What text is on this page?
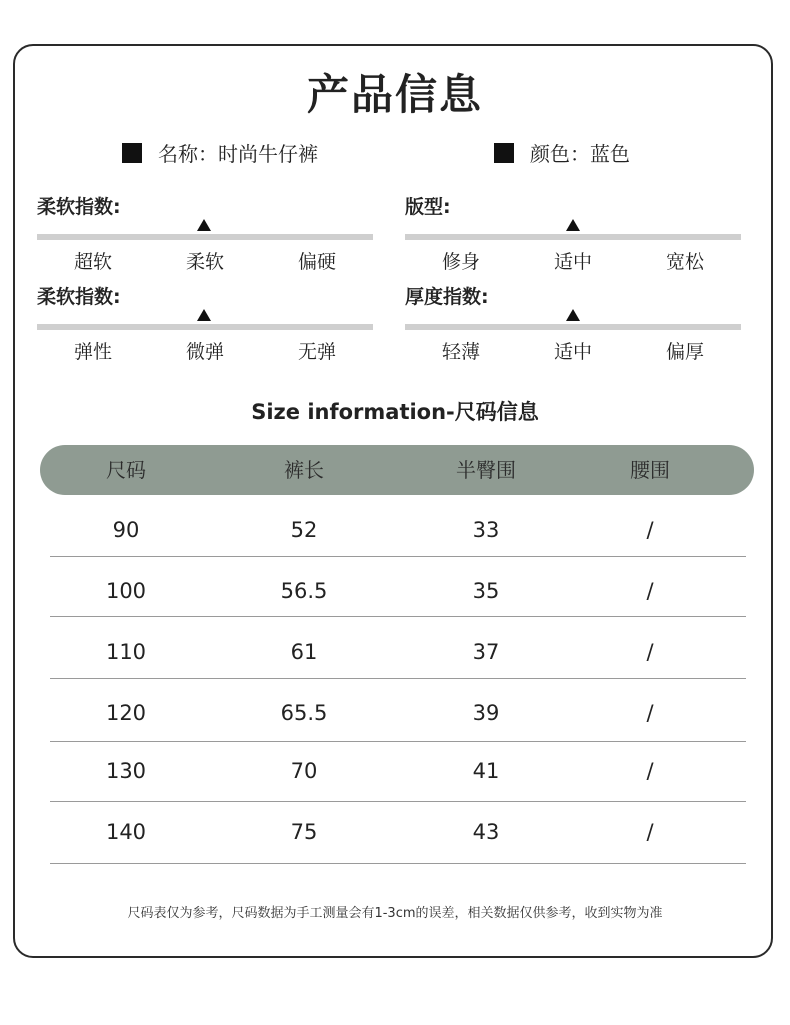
产品信息
名称：时尚牛仔裤	颜色：蓝色
柔软指数:
超软	柔软	偏硬
版型:
修身	适中	宽松
柔软指数:
弹性	微弹	无弹
厚度指数:
轻薄	适中	偏厚
Size information-尺码信息
尺码	裤长	半臀围	腰围
90	52	33	/
100	56.5	35	/
110	61	37	/
120	65.5	39	/
130	70	41	/
140	75	43	/
尺码表仅为参考，尺码数据为手工测量会有1-3cm的误差，相关数据仅供参考，收到实物为准
